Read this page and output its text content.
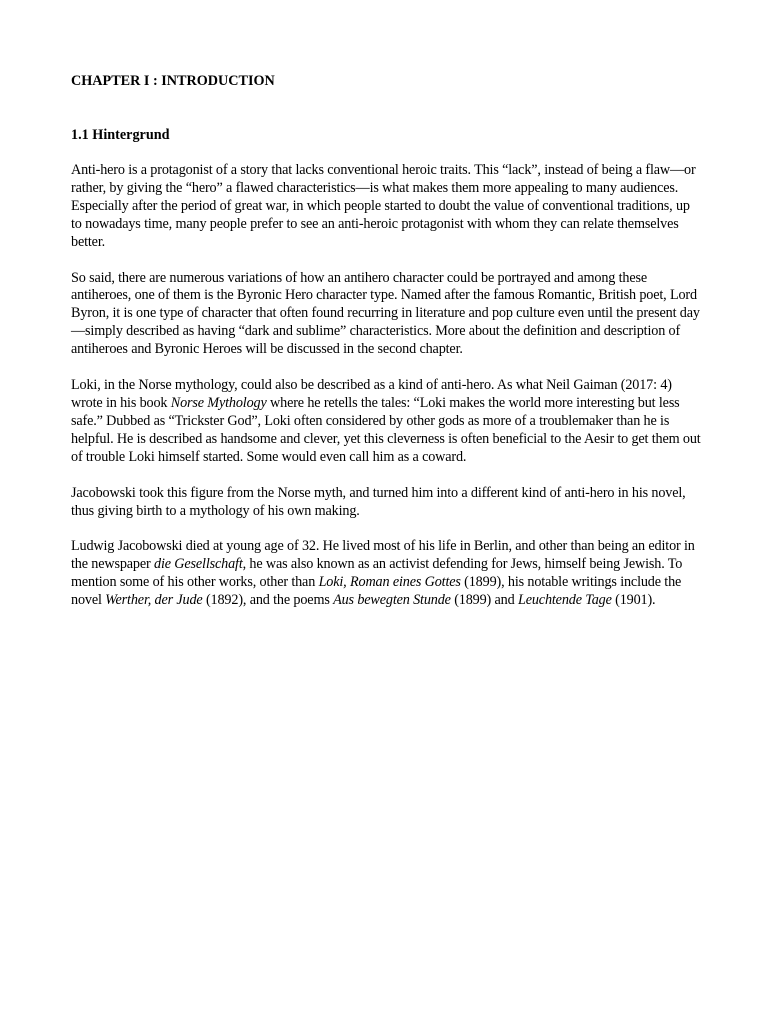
CHAPTER I : INTRODUCTION

1.1 Hintergrund

Anti-hero is a protagonist of a story that lacks conventional heroic traits. This “lack”, instead of being a flaw—or rather, by giving the “hero” a flawed characteristics—is what makes them more appealing to many audiences. Especially after the period of great war, in which people started to doubt the value of conventional traditions, up to nowadays time, many people prefer to see an anti-heroic protagonist with whom they can relate themselves better.

So said, there are numerous variations of how an antihero character could be portrayed and among these antiheroes, one of them is the Byronic Hero character type. Named after the famous Romantic, British poet, Lord Byron, it is one type of character that often found recurring in literature and pop culture even until the present day—simply described as having “dark and sublime” characteristics. More about the definition and description of antiheroes and Byronic Heroes will be discussed in the second chapter.

Loki, in the Norse mythology, could also be described as a kind of anti-hero. As what Neil Gaiman (2017: 4) wrote in his book Norse Mythology where he retells the tales: “Loki makes the world more interesting but less safe.” Dubbed as “Trickster God”, Loki often considered by other gods as more of a troublemaker than he is helpful. He is described as handsome and clever, yet this cleverness is often beneficial to the Aesir to get them out of trouble Loki himself started. Some would even call him as a coward.

Jacobowski took this figure from the Norse myth, and turned him into a different kind of anti-hero in his novel, thus giving birth to a mythology of his own making.

Ludwig Jacobowski died at young age of 32. He lived most of his life in Berlin, and other than being an editor in the newspaper die Gesellschaft, he was also known as an activist defending for Jews, himself being Jewish. To mention some of his other works, other than Loki, Roman eines Gottes (1899), his notable writings include the novel Werther, der Jude (1892), and the poems Aus bewegten Stunde (1899) and Leuchtende Tage (1901).
